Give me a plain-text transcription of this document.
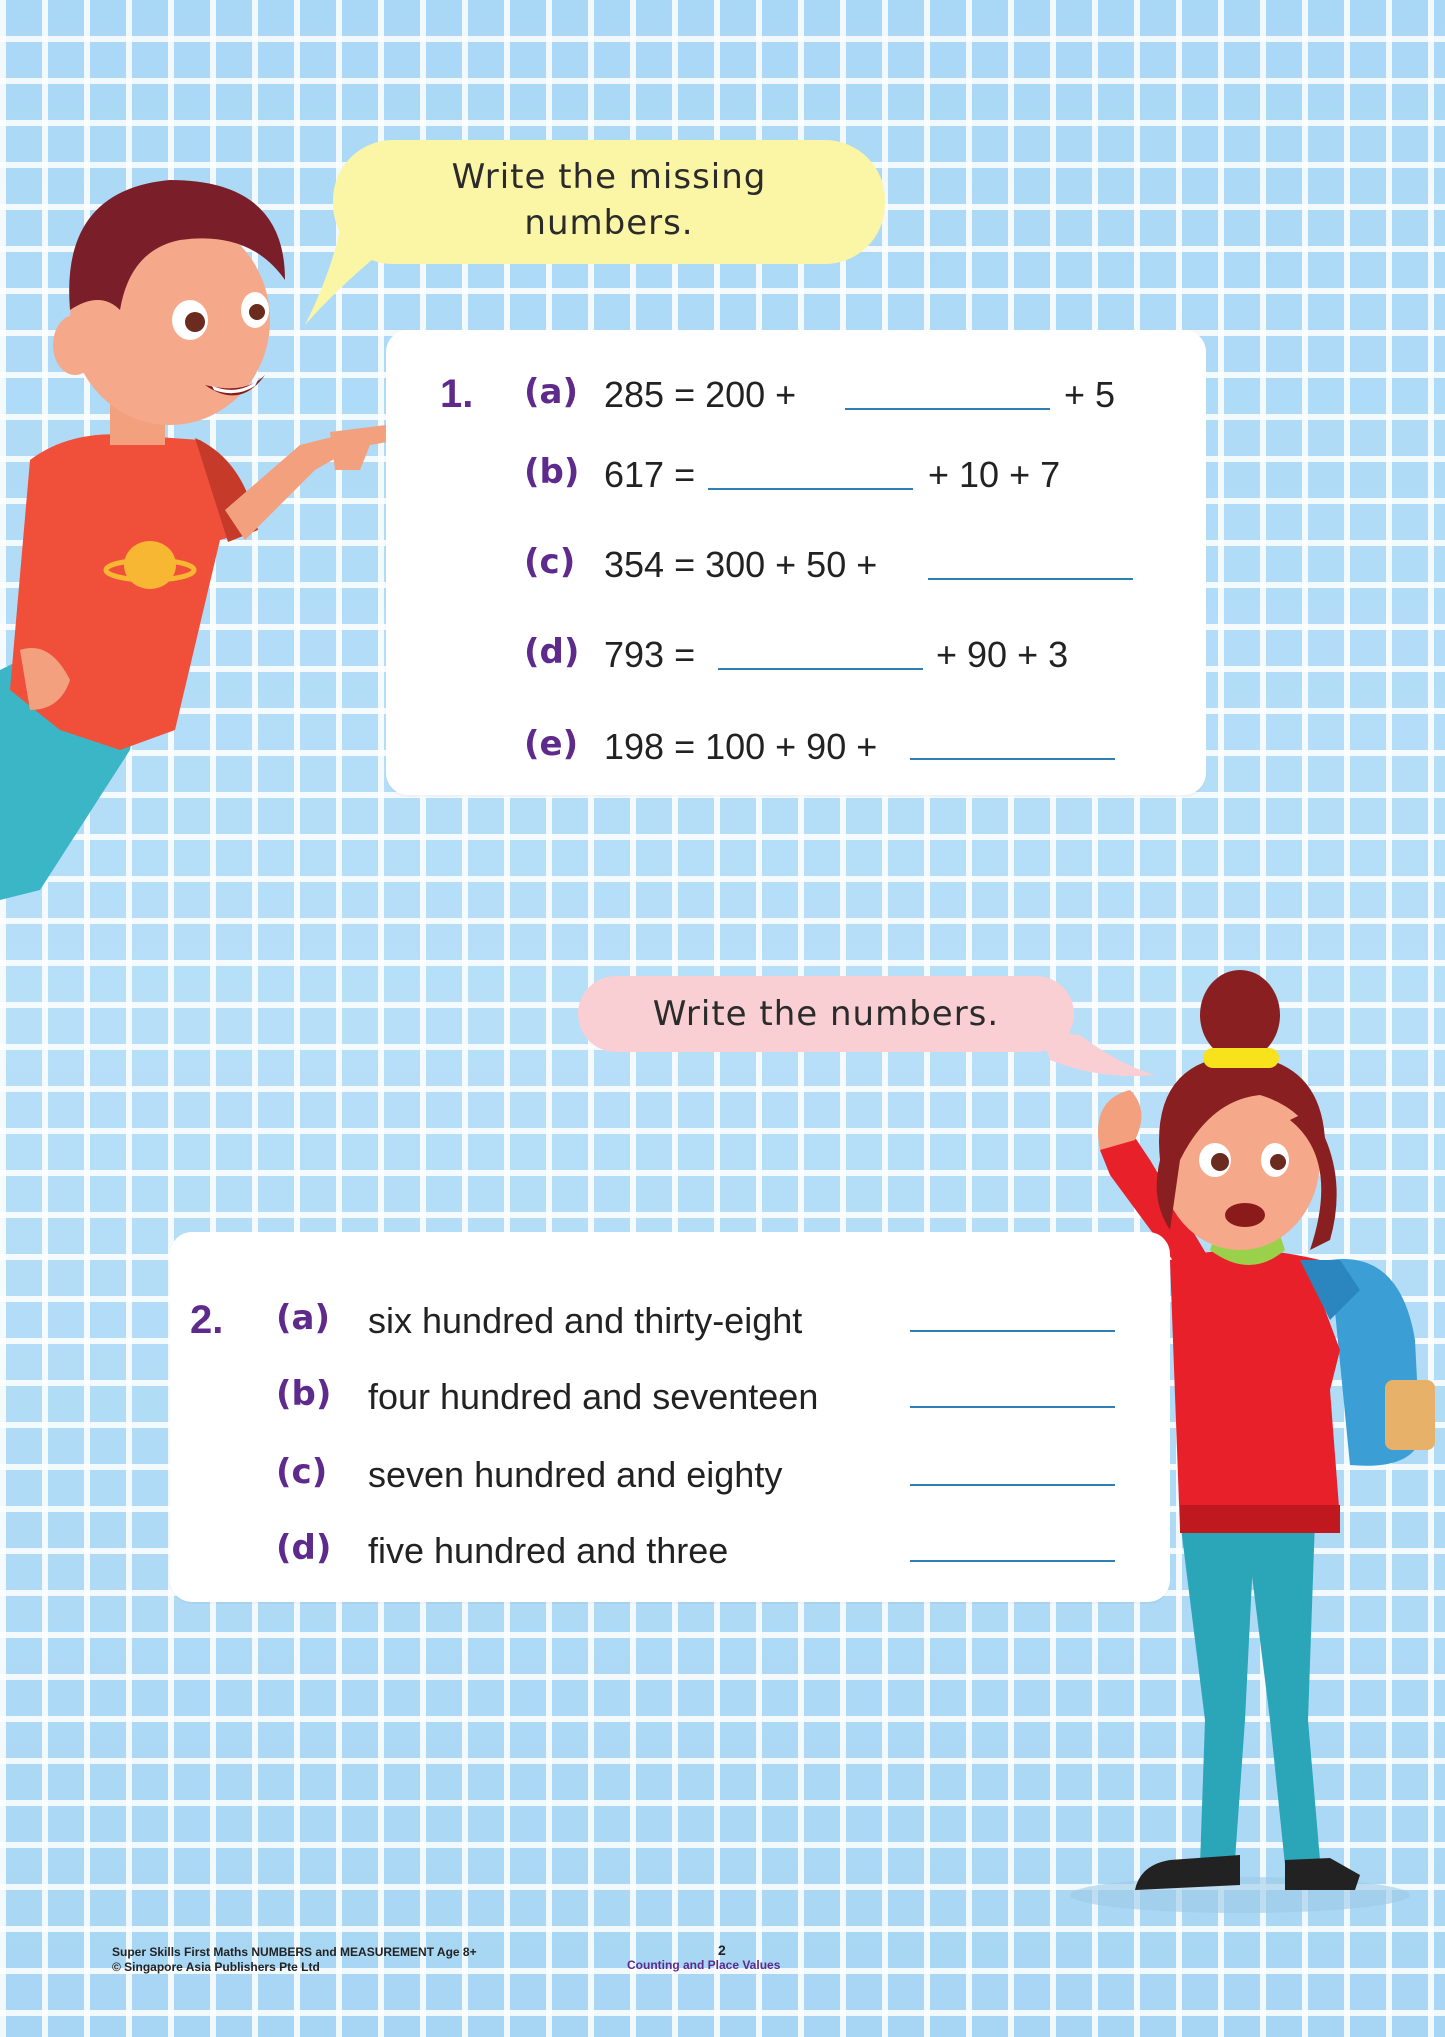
Write the missing
numbers.
Write the numbers.
1. (a) 285 = 200 +	+ 5
(b) 617 =	+ 10 + 7
(c) 354 = 300 + 50 +
(d) 793 =	+ 90 + 3
(e) 198 = 100 + 90 +
2. (a) six hundred and thirty-eight
(b) four hundred and seventeen
(c) seven hundred and eighty
(d) five hundred and three
Super Skills First Maths NUMBERS and MEASUREMENT Age 8+
© Singapore Asia Publishers Pte Ltd
2
Counting and Place Values
